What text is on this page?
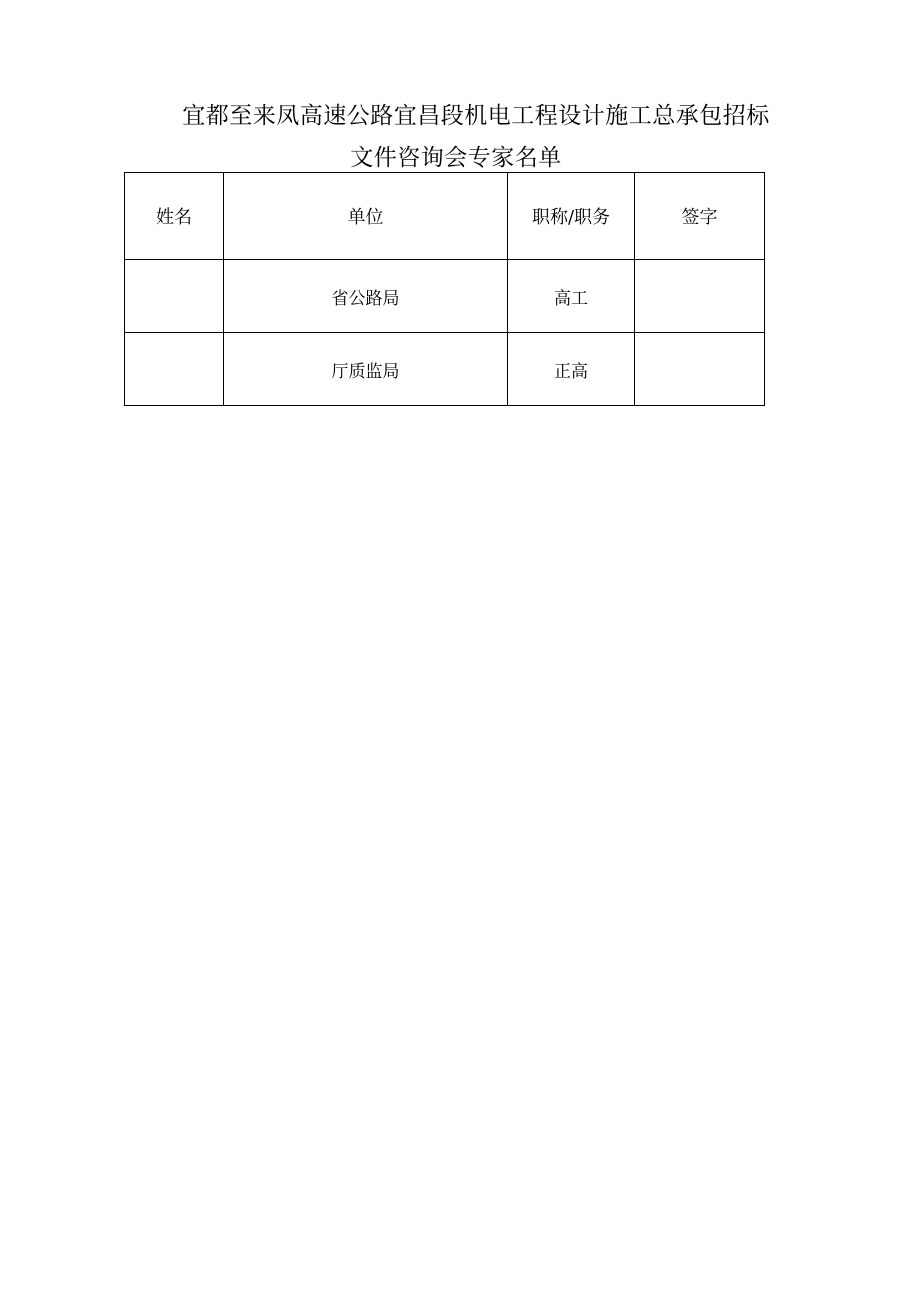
宜都至来凤高速公路宜昌段机电工程设计施工总承包招标
文件咨询会专家名单
姓名	单位	职称/职务	签字
	省公路局	高工	
	厅质监局	正高	
